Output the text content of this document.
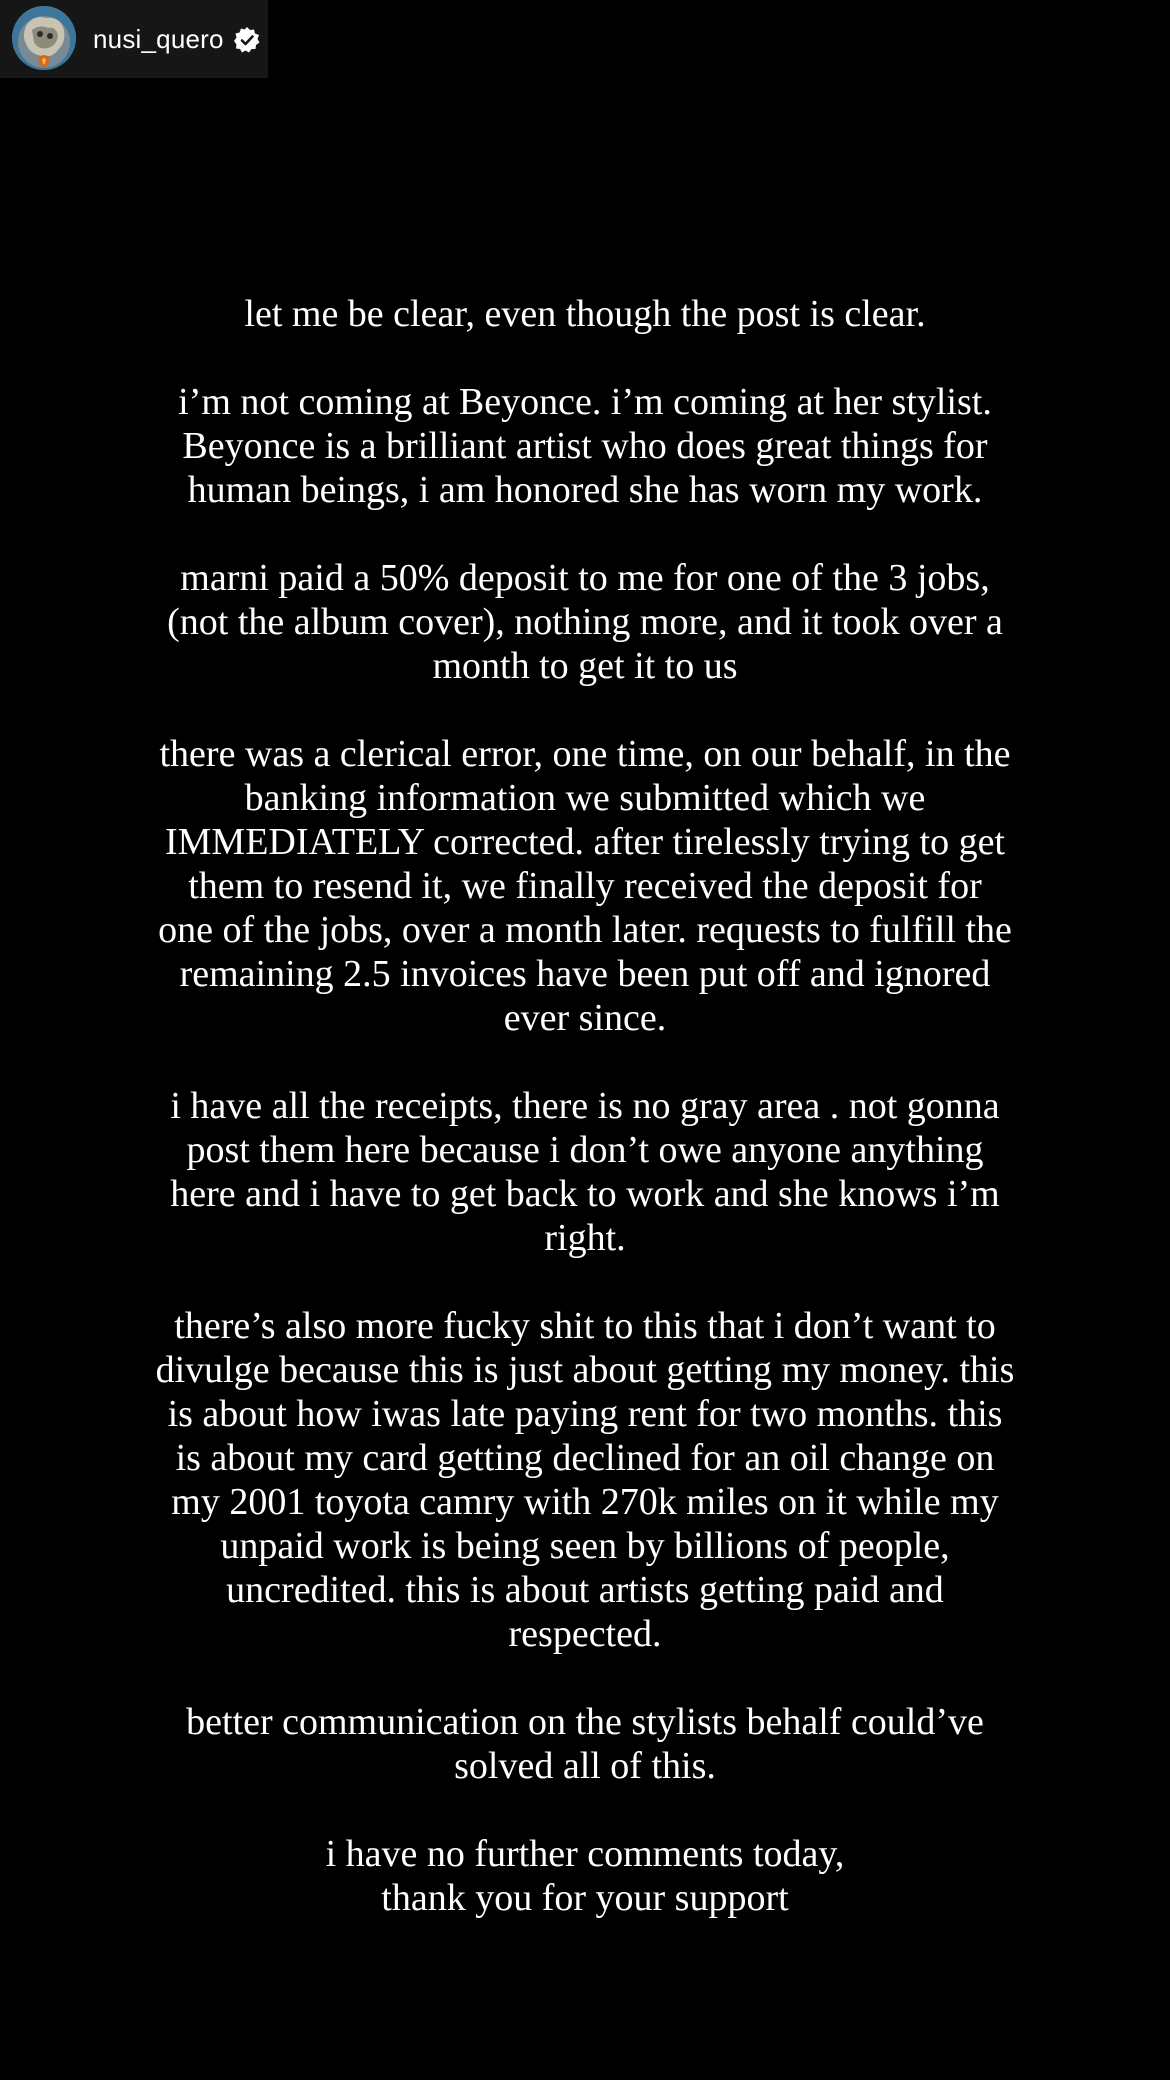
nusi_quero

let me be clear, even though the post is clear.

i’m not coming at Beyonce. i’m coming at her stylist.
Beyonce is a brilliant artist who does great things for
human beings, i am honored she has worn my work.

marni paid a 50% deposit to me for one of the 3 jobs,
(not the album cover), nothing more, and it took over a
month to get it to us

there was a clerical error, one time, on our behalf, in the
banking information we submitted which we
IMMEDIATELY corrected. after tirelessly trying to get
them to resend it, we finally received the deposit for
one of the jobs, over a month later. requests to fulfill the
remaining 2.5 invoices have been put off and ignored
ever since.

i have all the receipts, there is no gray area . not gonna
post them here because i don’t owe anyone anything
here and i have to get back to work and she knows i’m
right.

there’s also more fucky shit to this that i don’t want to
divulge because this is just about getting my money. this
is about how iwas late paying rent for two months. this
is about my card getting declined for an oil change on
my 2001 toyota camry with 270k miles on it while my
unpaid work is being seen by billions of people,
uncredited. this is about artists getting paid and
respected.

better communication on the stylists behalf could’ve
solved all of this.

i have no further comments today,
thank you for your support
